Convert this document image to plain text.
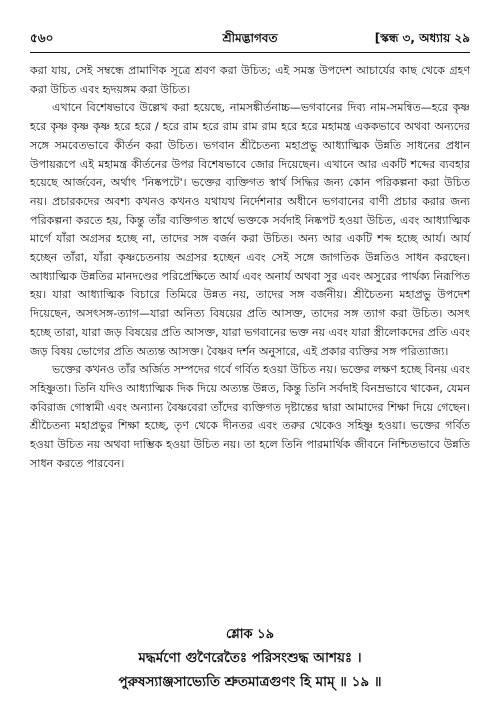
৫৬০	শ্রীমদ্ভাগবত	[স্কন্ধ ৩, অধ্যায় ২৯

করা যায়, সেই সম্বন্ধে প্রামাণিক সূত্রে শ্রবণ করা উচিত; এই সমস্ত উপদেশ আচার্যের কাছ থেকে গ্রহণ করা উচিত এবং হৃদয়ঙ্গম করা উচিত।

এখানে বিশেষভাবে উল্লেখ করা হয়েছে, নামসঙ্কীর্তনাচ্চ—ভগবানের দিব্য নাম-সমন্বিত—হরে কৃষ্ণ হরে কৃষ্ণ কৃষ্ণ কৃষ্ণ হরে হরে / হরে রাম হরে রাম রাম রাম হরে হরে মহামন্ত্র এককভাবে অথবা অন্যদের সঙ্গে সমবেতভাবে কীর্তন করা উচিত। ভগবান শ্রীচৈতন্য মহাপ্রভু আধ্যাত্মিক উন্নতি সাধনের প্রধান উপায়রূপে এই মহামন্ত্র কীর্তনের উপর বিশেষভাবে জোর দিয়েছেন। এখানে আর একটি শব্দের ব্যবহার হয়েছে আর্জবেন, অর্থাৎ 'নিষ্কপটে'। ভক্তের ব্যক্তিগত স্বার্থ সিদ্ধির জন্য কোন পরিকল্পনা করা উচিত নয়। প্রচারকদের অবশ্য কখনও কখনও যথাযথ নির্দেশনার অধীনে ভগবানের বাণী প্রচার করার জন্য পরিকল্পনা করতে হয়, কিন্তু তাঁর ব্যক্তিগত স্বার্থে ভক্তকে সর্বদাই নিষ্কপট হওয়া উচিত, এবং আধ্যাত্মিক মার্গে যাঁরা অগ্রসর হচ্ছে না, তাদের সঙ্গ বর্জন করা উচিত। অন্য আর একটি শব্দ হচ্ছে আর্য। আর্য হচ্ছেন তাঁরা, যাঁরা কৃষ্ণচেতনায় অগ্রসর হচ্ছেন এবং সেই সঙ্গে জাগতিক উন্নতিও সাধন করছেন। আধ্যাত্মিক উন্নতির মানদণ্ডের পরিপ্রেক্ষিতে আর্য এবং অনার্য অথবা সুর এবং অসুরের পার্থক্য নিরূপিত হয়। যারা আধ্যাত্মিক বিচারে তিমিরে উন্নত নয়, তাদের সঙ্গ বর্জনীয়। শ্রীচৈতন্য মহাপ্রভু উপদেশ দিয়েছেন, অসৎসঙ্গ-ত্যাগ—যারা অনিত্য বিষয়ের প্রতি আসক্ত, তাদের সঙ্গ ত্যাগ করা উচিত। অসৎ হচ্ছে তারা, যারা জড় বিষয়ের প্রতি আসক্ত, যারা ভগবানের ভক্ত নয় এবং যারা স্ত্রীলোকদের প্রতি এবং জড় বিষয় ভোগের প্রতি অত্যন্ত আসক্ত। বৈষ্ণব দর্শন অনুসারে, এই প্রকার ব্যক্তির সঙ্গ পরিত্যাজ্য।

ভক্তের কখনও তাঁর অর্জিত সম্পদের গর্বে গর্বিত হওয়া উচিত নয়। ভক্তের লক্ষণ হচ্ছে বিনয় এবং সহিষ্ণুতা। তিনি যদিও আধ্যাত্মিক দিক দিয়ে অত্যন্ত উন্নত, কিন্তু তিনি সর্বদাই বিনম্রভাবে থাকেন, যেমন কবিরাজ গোস্বামী এবং অন্যান্য বৈষ্ণবেরা তাঁদের ব্যক্তিগত দৃষ্টান্তের দ্বারা আমাদের শিক্ষা দিয়ে গেছেন। শ্রীচৈতন্য মহাপ্রভুর শিক্ষা হচ্ছে, তৃণ থেকে দীনতর এবং তরুর থেকেও সহিষ্ণু হওয়া। ভক্তের গর্বিত হওয়া উচিত নয় অথবা দাম্ভিক হওয়া উচিত নয়। তা হলে তিনি পারমার্থিক জীবনে নিশ্চিতভাবে উন্নতি সাধন করতে পারবেন।

শ্লোক ১৯
মদ্ধর্মণো গুণৈরেতৈঃ পরিসংশুদ্ধ আশয়ঃ ।
পুরুষস্যাঞ্জসাভ্যেতি শ্রুতমাত্রগুণং হি মাম্ ॥ ১৯ ॥
